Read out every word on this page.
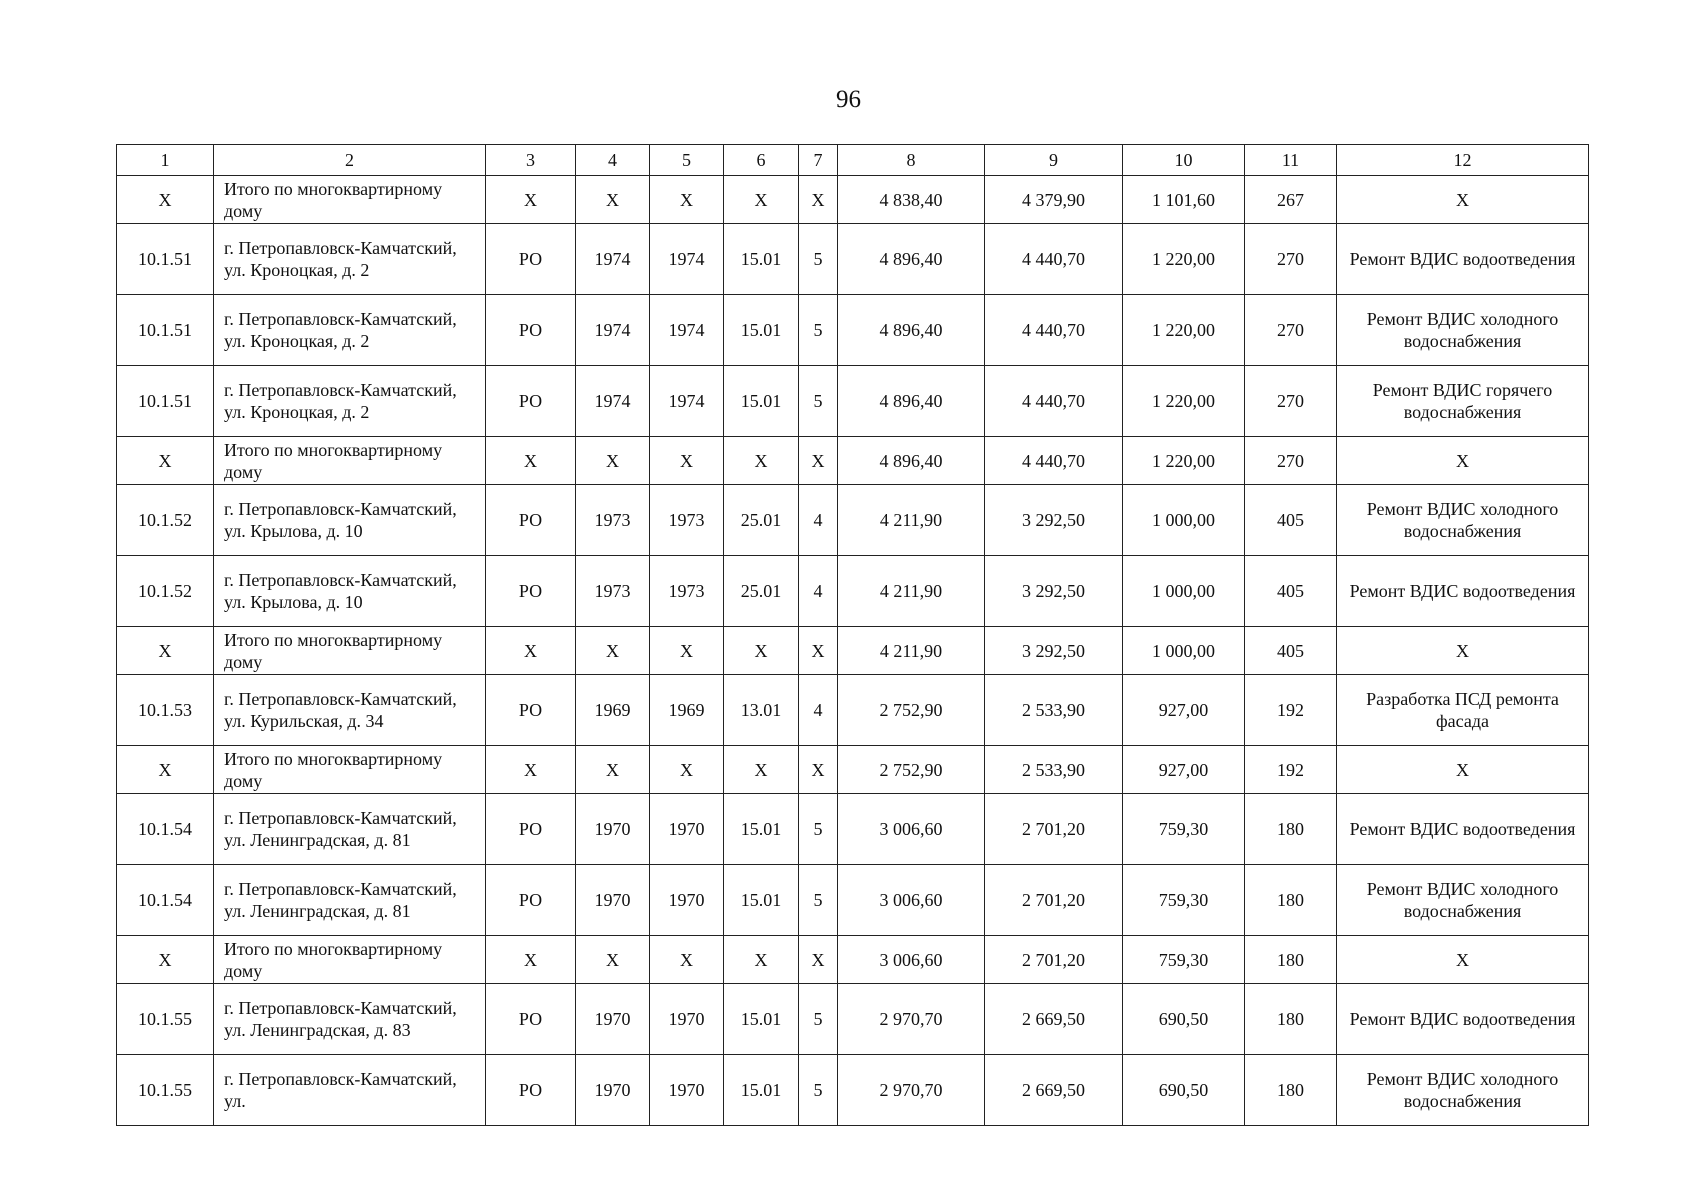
96
1	2	3	4	5	6	7	8	9	10	11	12
X	Итого по многоквартирному дому	X	X	X	X	X	4 838,40	4 379,90	1 101,60	267	X
10.1.51	г. Петропавловск-Камчатский, ул. Кроноцкая, д. 2	РО	1974	1974	15.01	5	4 896,40	4 440,70	1 220,00	270	Ремонт ВДИС водоотведения
10.1.51	г. Петропавловск-Камчатский, ул. Кроноцкая, д. 2	РО	1974	1974	15.01	5	4 896,40	4 440,70	1 220,00	270	Ремонт ВДИС холодного водоснабжения
10.1.51	г. Петропавловск-Камчатский, ул. Кроноцкая, д. 2	РО	1974	1974	15.01	5	4 896,40	4 440,70	1 220,00	270	Ремонт ВДИС горячего водоснабжения
X	Итого по многоквартирному дому	X	X	X	X	X	4 896,40	4 440,70	1 220,00	270	X
10.1.52	г. Петропавловск-Камчатский, ул. Крылова, д. 10	РО	1973	1973	25.01	4	4 211,90	3 292,50	1 000,00	405	Ремонт ВДИС холодного водоснабжения
10.1.52	г. Петропавловск-Камчатский, ул. Крылова, д. 10	РО	1973	1973	25.01	4	4 211,90	3 292,50	1 000,00	405	Ремонт ВДИС водоотведения
X	Итого по многоквартирному дому	X	X	X	X	X	4 211,90	3 292,50	1 000,00	405	X
10.1.53	г. Петропавловск-Камчатский, ул. Курильская, д. 34	РО	1969	1969	13.01	4	2 752,90	2 533,90	927,00	192	Разработка ПСД ремонта фасада
X	Итого по многоквартирному дому	X	X	X	X	X	2 752,90	2 533,90	927,00	192	X
10.1.54	г. Петропавловск-Камчатский, ул. Ленинградская, д. 81	РО	1970	1970	15.01	5	3 006,60	2 701,20	759,30	180	Ремонт ВДИС водоотведения
10.1.54	г. Петропавловск-Камчатский, ул. Ленинградская, д. 81	РО	1970	1970	15.01	5	3 006,60	2 701,20	759,30	180	Ремонт ВДИС холодного водоснабжения
X	Итого по многоквартирному дому	X	X	X	X	X	3 006,60	2 701,20	759,30	180	X
10.1.55	г. Петропавловск-Камчатский, ул. Ленинградская, д. 83	РО	1970	1970	15.01	5	2 970,70	2 669,50	690,50	180	Ремонт ВДИС водоотведения
10.1.55	г. Петропавловск-Камчатский, ул.	РО	1970	1970	15.01	5	2 970,70	2 669,50	690,50	180	Ремонт ВДИС холодного водоснабжения
